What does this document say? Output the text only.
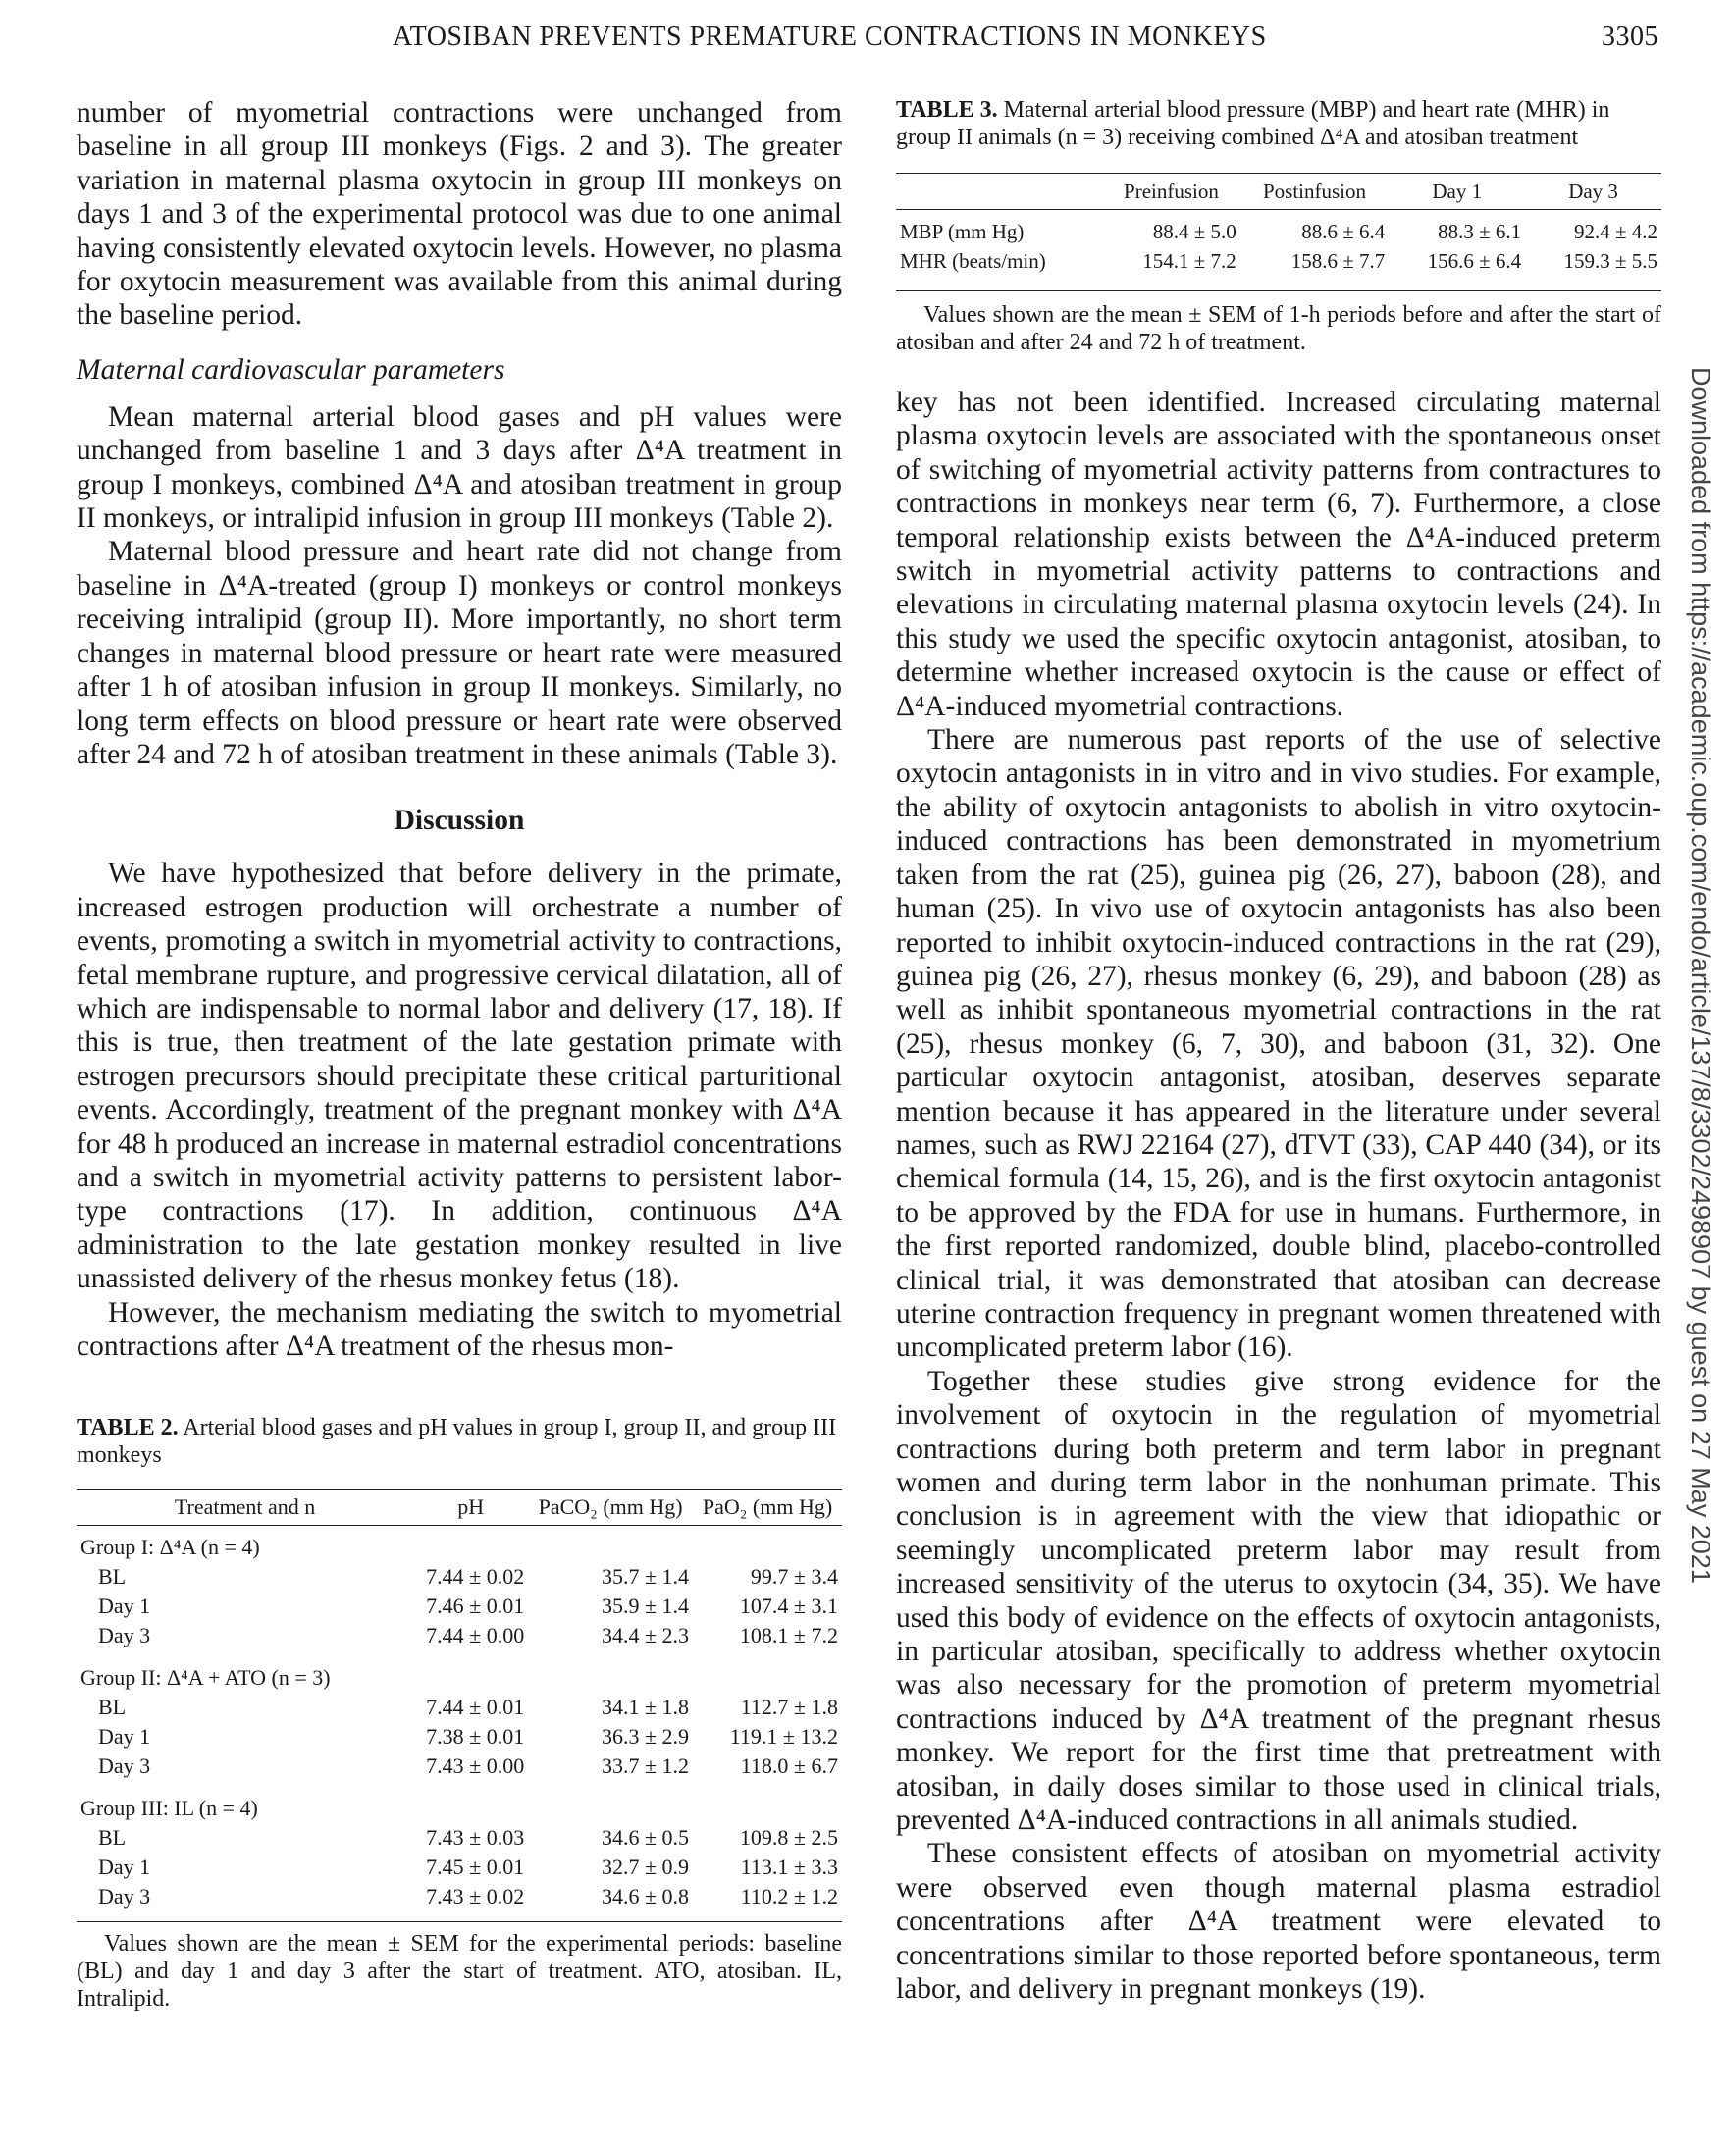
ATOSIBAN PREVENTS PREMATURE CONTRACTIONS IN MONKEYS	3305
Downloaded from https://academic.oup.com/endo/article/137/8/3302/2498907 by guest on 27 May 2021

number of myometrial contractions were unchanged from baseline in all group III monkeys (Figs. 2 and 3). The greater variation in maternal plasma oxytocin in group III monkeys on days 1 and 3 of the experimental protocol was due to one animal having consistently elevated oxytocin levels. However, no plasma for oxytocin measurement was available from this animal during the baseline period.

Maternal cardiovascular parameters

Mean maternal arterial blood gases and pH values were unchanged from baseline 1 and 3 days after Δ⁴A treatment in group I monkeys, combined Δ⁴A and atosiban treatment in group II monkeys, or intralipid infusion in group III monkeys (Table 2).

Maternal blood pressure and heart rate did not change from baseline in Δ⁴A-treated (group I) monkeys or control monkeys receiving intralipid (group II). More importantly, no short term changes in maternal blood pressure or heart rate were measured after 1 h of atosiban infusion in group II monkeys. Similarly, no long term effects on blood pressure or heart rate were observed after 24 and 72 h of atosiban treatment in these animals (Table 3).

Discussion

We have hypothesized that before delivery in the primate, increased estrogen production will orchestrate a number of events, promoting a switch in myometrial activity to contractions, fetal membrane rupture, and progressive cervical dilatation, all of which are indispensable to normal labor and delivery (17, 18). If this is true, then treatment of the late gestation primate with estrogen precursors should precipitate these critical parturitional events. Accordingly, treatment of the pregnant monkey with Δ⁴A for 48 h produced an increase in maternal estradiol concentrations and a switch in myometrial activity patterns to persistent labor-type contractions (17). In addition, continuous Δ⁴A administration to the late gestation monkey resulted in live unassisted delivery of the rhesus monkey fetus (18).

However, the mechanism mediating the switch to myometrial contractions after Δ⁴A treatment of the rhesus mon-

TABLE 2. Arterial blood gases and pH values in group I, group II, and group III monkeys

Treatment and n	pH	PaCO₂ (mm Hg)	PaO₂ (mm Hg)
Group I: Δ⁴A (n = 4)			
BL	7.44 ± 0.02	35.7 ± 1.4	99.7 ± 3.4
Day 1	7.46 ± 0.01	35.9 ± 1.4	107.4 ± 3.1
Day 3	7.44 ± 0.00	34.4 ± 2.3	108.1 ± 7.2
Group II: Δ⁴A + ATO (n = 3)			
BL	7.44 ± 0.01	34.1 ± 1.8	112.7 ± 1.8
Day 1	7.38 ± 0.01	36.3 ± 2.9	119.1 ± 13.2
Day 3	7.43 ± 0.00	33.7 ± 1.2	118.0 ± 6.7
Group III: IL (n = 4)			
BL	7.43 ± 0.03	34.6 ± 0.5	109.8 ± 2.5
Day 1	7.45 ± 0.01	32.7 ± 0.9	113.1 ± 3.3
Day 3	7.43 ± 0.02	34.6 ± 0.8	110.2 ± 1.2

Values shown are the mean ± SEM for the experimental periods: baseline (BL) and day 1 and day 3 after the start of treatment. ATO, atosiban. IL, Intralipid.

TABLE 3. Maternal arterial blood pressure (MBP) and heart rate (MHR) in group II animals (n = 3) receiving combined Δ⁴A and atosiban treatment

	Preinfusion	Postinfusion	Day 1	Day 3
MBP (mm Hg)	88.4 ± 5.0	88.6 ± 6.4	88.3 ± 6.1	92.4 ± 4.2
MHR (beats/min)	154.1 ± 7.2	158.6 ± 7.7	156.6 ± 6.4	159.3 ± 5.5

Values shown are the mean ± SEM of 1-h periods before and after the start of atosiban and after 24 and 72 h of treatment.

key has not been identified. Increased circulating maternal plasma oxytocin levels are associated with the spontaneous onset of switching of myometrial activity patterns from contractures to contractions in monkeys near term (6, 7). Furthermore, a close temporal relationship exists between the Δ⁴A-induced preterm switch in myometrial activity patterns to contractions and elevations in circulating maternal plasma oxytocin levels (24). In this study we used the specific oxytocin antagonist, atosiban, to determine whether increased oxytocin is the cause or effect of Δ⁴A-induced myometrial contractions.

There are numerous past reports of the use of selective oxytocin antagonists in in vitro and in vivo studies. For example, the ability of oxytocin antagonists to abolish in vitro oxytocin-induced contractions has been demonstrated in myometrium taken from the rat (25), guinea pig (26, 27), baboon (28), and human (25). In vivo use of oxytocin antagonists has also been reported to inhibit oxytocin-induced contractions in the rat (29), guinea pig (26, 27), rhesus monkey (6, 29), and baboon (28) as well as inhibit spontaneous myometrial contractions in the rat (25), rhesus monkey (6, 7, 30), and baboon (31, 32). One particular oxytocin antagonist, atosiban, deserves separate mention because it has appeared in the literature under several names, such as RWJ 22164 (27), dTVT (33), CAP 440 (34), or its chemical formula (14, 15, 26), and is the first oxytocin antagonist to be approved by the FDA for use in humans. Furthermore, in the first reported randomized, double blind, placebo-controlled clinical trial, it was demonstrated that atosiban can decrease uterine contraction frequency in pregnant women threatened with uncomplicated preterm labor (16).

Together these studies give strong evidence for the involvement of oxytocin in the regulation of myometrial contractions during both preterm and term labor in pregnant women and during term labor in the nonhuman primate. This conclusion is in agreement with the view that idiopathic or seemingly uncomplicated preterm labor may result from increased sensitivity of the uterus to oxytocin (34, 35). We have used this body of evidence on the effects of oxytocin antagonists, in particular atosiban, specifically to address whether oxytocin was also necessary for the promotion of preterm myometrial contractions induced by Δ⁴A treatment of the pregnant rhesus monkey. We report for the first time that pretreatment with atosiban, in daily doses similar to those used in clinical trials, prevented Δ⁴A-induced contractions in all animals studied.

These consistent effects of atosiban on myometrial activity were observed even though maternal plasma estradiol concentrations after Δ⁴A treatment were elevated to concentrations similar to those reported before spontaneous, term labor, and delivery in pregnant monkeys (19).
